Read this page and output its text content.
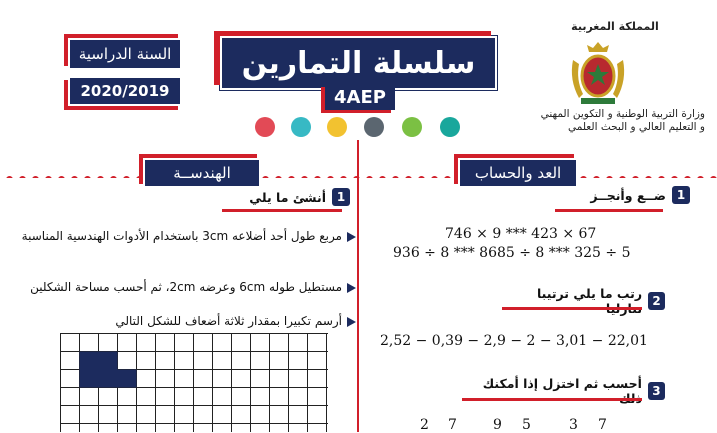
سلسلة التمارين
4AEP
السنة الدراسية
2020/2019
المملكة المغربية
وزارة التربية الوطنية و التكوين المهني
و التعليم العالي و البحث العلمي
الهندســة	العد والحساب
1
أنشئ ما يلي
مربع طول أحد أضلاعه 3cm باستخدام الأدوات الهندسية المناسبة
مستطيل طوله 6cm وعرضه 2cm، ثم أحسب مساحة الشكلين
أرسم تكبيرا بمقدار ثلاثة أضعاف للشكل التالي
1
ضــع وأنجــز
746 × 9 *** 423 × 67
936 ÷ 8 *** 8685 ÷ 8 *** 325 ÷ 5
2
رتب ما يلي ترتيبا
2,52 − 0,39 − 2,9 − 2 − 3,01 − 22,01
3
أحسب ثم اختزل إذا أمكنك
2 7	9 5	3 7
